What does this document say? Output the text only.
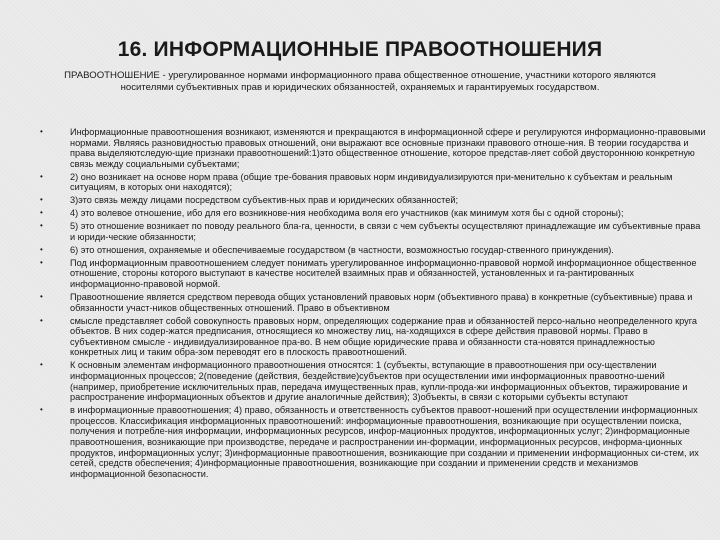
16. ИНФОРМАЦИОННЫЕ ПРАВООТНОШЕНИЯ
ПРАВООТНОШЕНИЕ - урегулированное нормами информационного права общественное отношение, участники которого являются носителями субъективных прав и юридических обязанностей, охраняемых и гарантируемых государством.
•	Информационные правоотношения возникают, изменяются и прекращаются в информационной сфере и регулируются информационно-правовыми нормами. Являясь разновидностью правовых отношений, они выражают все основные признаки правового отноше-ния. В теории государства и права выделяютследую-щие признаки правоотношений:1)это общественное отношение, которое представ-ляет собой двустороннюю конкретную связь между социальными субъектами;
•	2) оно возникает на основе норм права (общие тре-бования правовых норм индивидуализируются при-менительно к субъектам и реальным ситуациям, в которых они находятся);
•	3)это связь между лицами посредством субъектив-ных прав и юридических обязанностей;
•	4) это волевое отношение, ибо для его возникнове-ния необходима воля его участников (как минимум хотя бы с одной стороны);
•	5) это отношение возникает по поводу реального бла-га, ценности, в связи с чем субъекты осуществляют принадлежащие им субъективные права и юриди-ческие обязанности;
•	6) это отношения, охраняемые и обеспечиваемые государством (в частности, возможностью государ-ственного принуждения).
•	Под информационным правоотношением следует понимать урегулированное информационно-правовой нормой информационное общественное отношение, стороны которого выступают в качестве носителей взаимных прав и обязанностей, установленных и га-рантированных информационно-правовой нормой.
•	Правоотношение является средством перевода общих установлений правовых норм (объективного права) в конкретные (субъективные) права и обязанности участ-ников общественных отношений. Право в объективном
•	смысле представляет собой совокупность правовых норм, определяющих содержание прав и обязанностей персо-нально неопределенного круга объектов. В них содер-жатся предписания, относящиеся ко множеству лиц, на-ходящихся в сфере действия правовой нормы. Право в субъективном смысле - индивидуализированное пра-во. В нем общие юридические права и обязанности ста-новятся принадлежностью конкретных лиц и таким обра-зом переводят его в плоскость правоотношений.
•	К основным элементам информационного правоотношения относятся: 1 (субъекты, вступающие в правоотношения при осу-ществлении информационных процессов; 2(поведение (действия, бездействие)субъектов при осуществлении ими информационных правоотно-шений (например, приобретение исключительных прав, передача имущественных прав, купли-прода-жи информационных объектов, тиражирование и распространение информационных объектов и другие аналогичные действия); 3)объекты, в связи с которыми субъекты вступают
•	в информационные правоотношения; 4) право, обязанность и ответственность субъектов правоот-ношений при осуществлении информационных процессов. Классификация информационных правоотношений: информационные правоотношения, возникающие при осуществлении поиска, получения и потребле-ния информации, информационных ресурсов, инфор-мационных продуктов, информационных услуг; 2)информационные правоотношения, возникающие при производстве, передаче и распространении ин-формации, информационных ресурсов, информа-ционных продуктов, информационных услуг; 3)информационные правоотношения, возникающие при создании и применении информационных си-стем, их сетей, средств обеспечения; 4)информационные правоотношения, возникающие при создании и применении средств и механизмов информационной безопасности.
